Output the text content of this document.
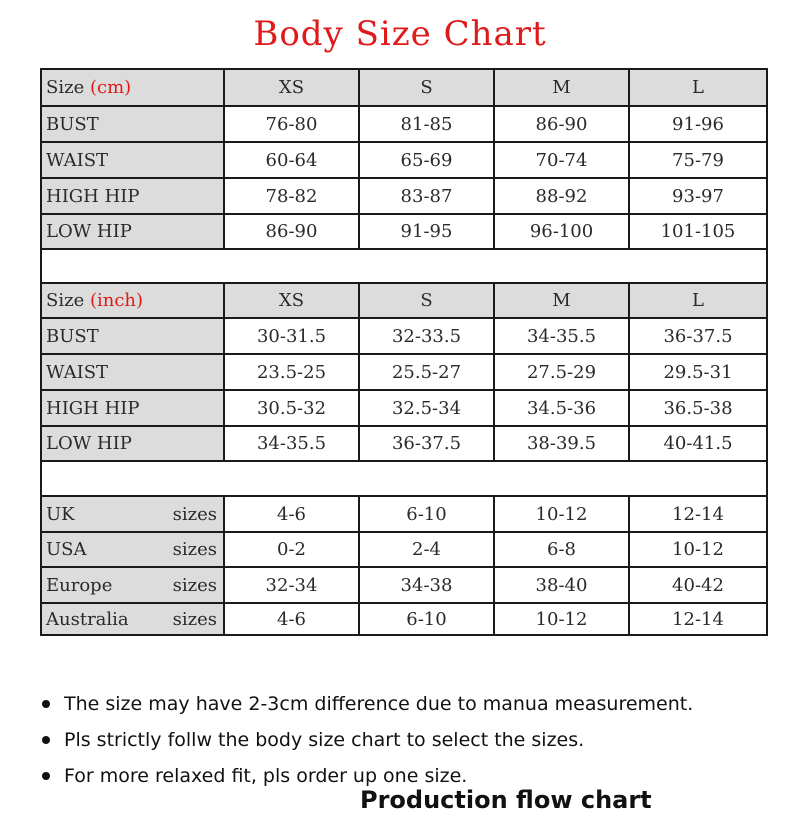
Body Size Chart
Size
(cm)	XS	S	M	L
BUST	76-80	81-85	86-90	91-96
WAIST	60-64	65-69	70-74	75-79
HIGH HIP	78-82	83-87	88-92	93-97
LOW HIP	86-90	91-95	96-100	101-105
Size
(inch)	XS	S	M	L
BUST	30-31.5	32-33.5	34-35.5	36-37.5
WAIST	23.5-25	25.5-27	27.5-29	29.5-31
HIGH HIP	30.5-32	32.5-34	34.5-36	36.5-38
LOW HIP	34-35.5	36-37.5	38-39.5	40-41.5
UK	sizes	4-6	6-10	10-12	12-14
USA	sizes	0-2	2-4	6-8	10-12
Europe	sizes	32-34	34-38	38-40	40-42
Australia sizes	4-6	6-10	10-12	12-14
The size may have 2-3cm difference due to manua measurement.
Pls strictly follw the body size chart to select the sizes.
For more relaxed fit, pls order up one size.
Production flow chart
